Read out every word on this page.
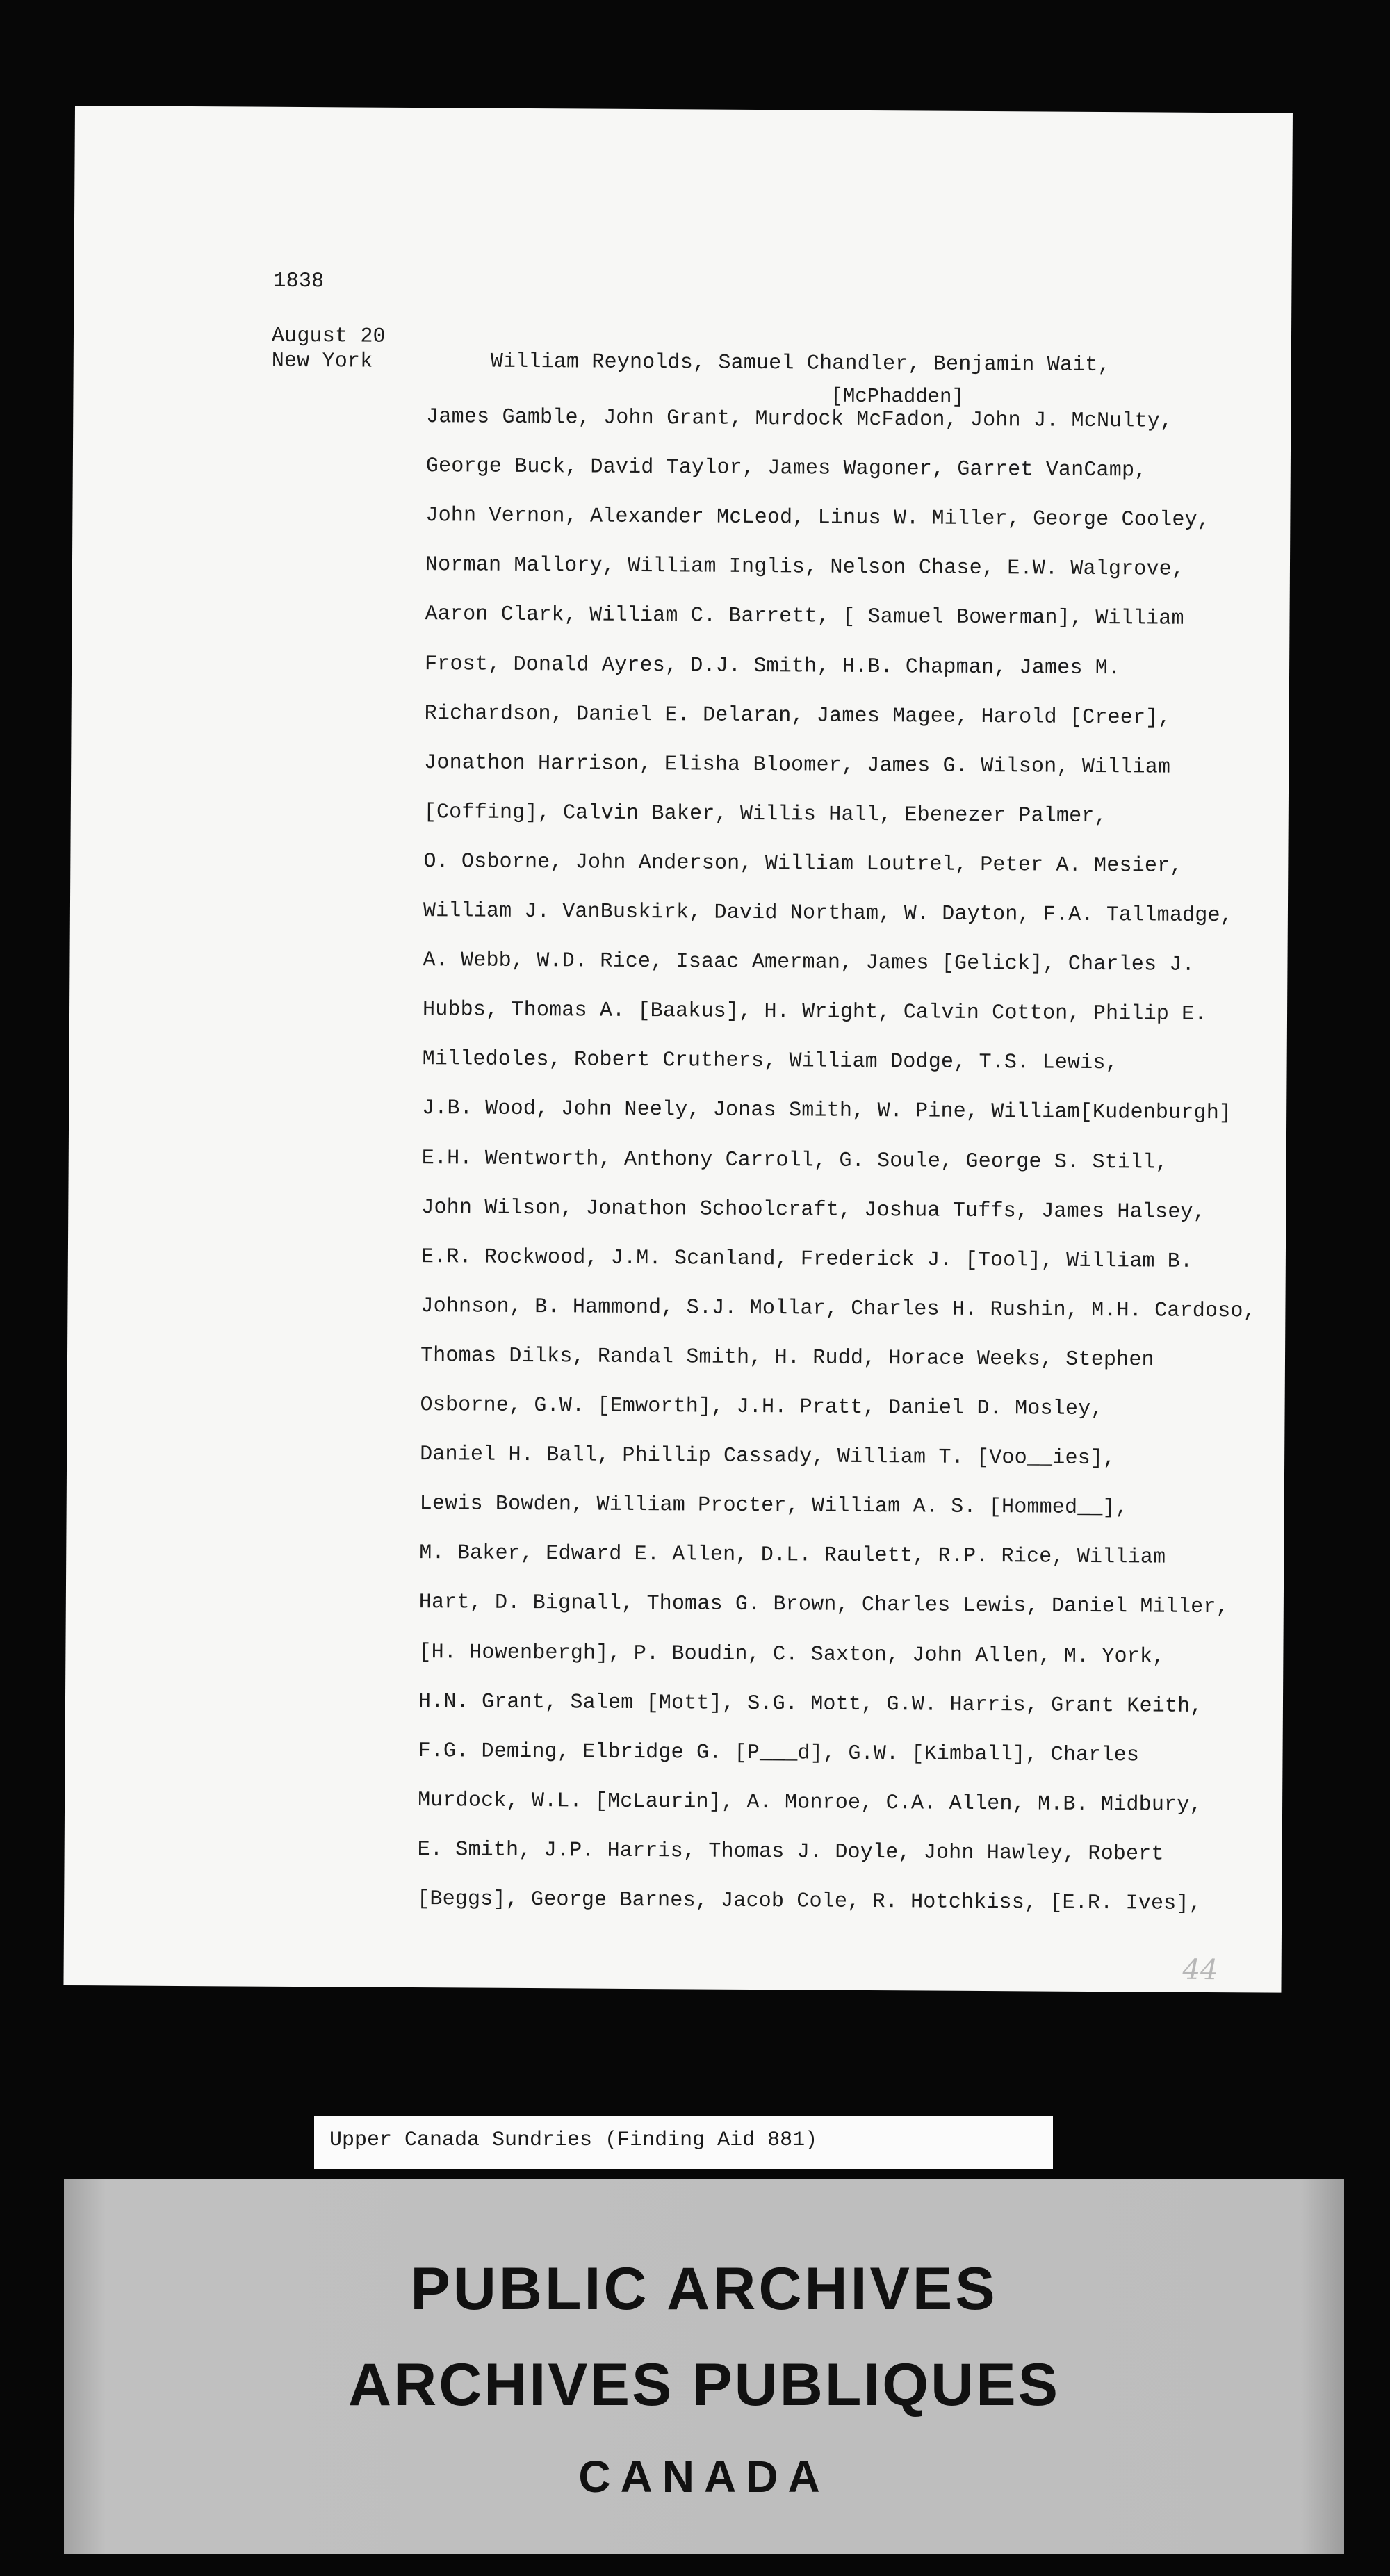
1838
August 20
New York
[McPhadden]
William Reynolds, Samuel Chandler, Benjamin Wait,
James Gamble, John Grant, Murdock McFadon, John J. McNulty,
George Buck, David Taylor, James Wagoner, Garret VanCamp,
John Vernon, Alexander McLeod, Linus W. Miller, George Cooley,
Norman Mallory, William Inglis, Nelson Chase, E.W. Walgrove,
Aaron Clark, William C. Barrett, [ Samuel Bowerman], William
Frost, Donald Ayres, D.J. Smith, H.B. Chapman, James M.
Richardson, Daniel E. Delaran, James Magee, Harold [Creer],
Jonathon Harrison, Elisha Bloomer, James G. Wilson, William
[Coffing], Calvin Baker, Willis Hall, Ebenezer Palmer,
O. Osborne, John Anderson, William Loutrel, Peter A. Mesier,
William J. VanBuskirk, David Northam, W. Dayton, F.A. Tallmadge,
A. Webb, W.D. Rice, Isaac Amerman, James [Gelick], Charles J.
Hubbs, Thomas A. [Baakus], H. Wright, Calvin Cotton, Philip E.
Milledoles, Robert Cruthers, William Dodge, T.S. Lewis,
J.B. Wood, John Neely, Jonas Smith, W. Pine, William[Kudenburgh]
E.H. Wentworth, Anthony Carroll, G. Soule, George S. Still,
John Wilson, Jonathon Schoolcraft, Joshua Tuffs, James Halsey,
E.R. Rockwood, J.M. Scanland, Frederick J. [Tool], William B.
Johnson, B. Hammond, S.J. Mollar, Charles H. Rushin, M.H. Cardoso,
Thomas Dilks, Randal Smith, H. Rudd, Horace Weeks, Stephen
Osborne, G.W. [Emworth], J.H. Pratt, Daniel D. Mosley,
Daniel H. Ball, Phillip Cassady, William T. [Voo__ies],
Lewis Bowden, William Procter, William A. S. [Hommed__],
M. Baker, Edward E. Allen, D.L. Raulett, R.P. Rice, William
Hart, D. Bignall, Thomas G. Brown, Charles Lewis, Daniel Miller,
[H. Howenbergh], P. Boudin, C. Saxton, John Allen, M. York,
H.N. Grant, Salem [Mott], S.G. Mott, G.W. Harris, Grant Keith,
F.G. Deming, Elbridge G. [P___d], G.W. [Kimball], Charles
Murdock, W.L. [McLaurin], A. Monroe, C.A. Allen, M.B. Midbury,
E. Smith, J.P. Harris, Thomas J. Doyle, John Hawley, Robert
[Beggs], George Barnes, Jacob Cole, R. Hotchkiss, [E.R. Ives],
44
Upper Canada Sundries (Finding Aid 881)
PUBLIC ARCHIVES
ARCHIVES PUBLIQUES
CANADA
